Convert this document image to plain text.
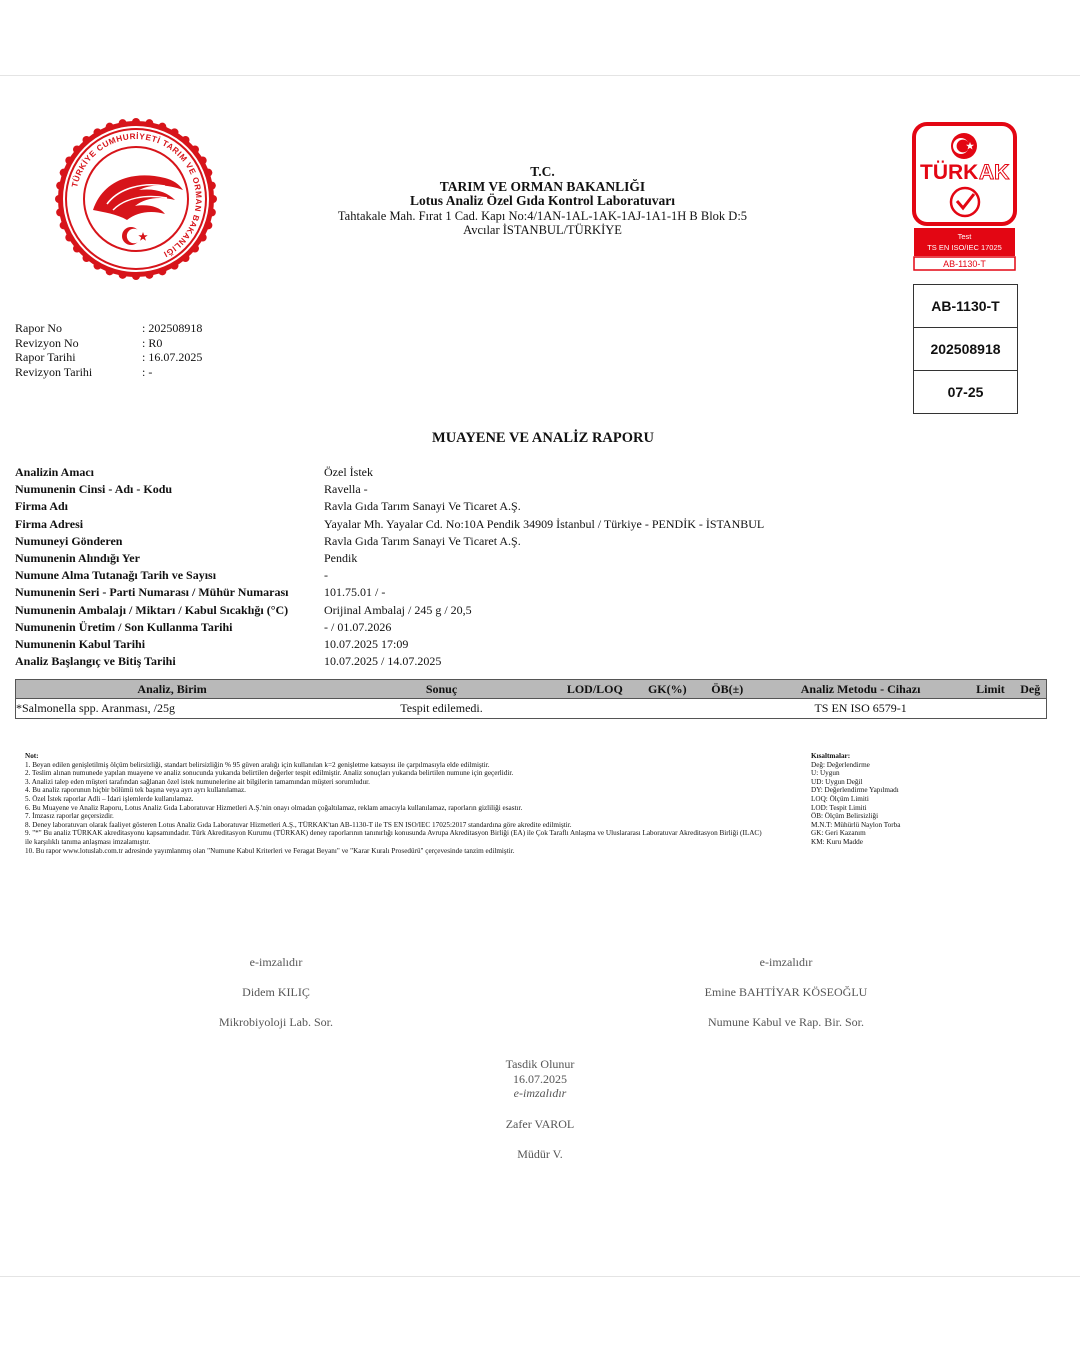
TÜRKİYE CUMHURİYETİ TARIM VE ORMAN BAKANLIĞI
T.C.
TARIM VE ORMAN BAKANLIĞI
Lotus Analiz Özel Gıda Kontrol Laboratuvarı
Tahtakale Mah. Fırat 1 Cad. Kapı No:4/1AN-1AL-1AK-1AJ-1A1-1H B Blok D:5
Avcılar İSTANBUL/TÜRKİYE
TÜRK AK
Test
TS EN ISO/IEC 17025
AB-1130-T
AB-1130-T
202508918
07-25
Rapor No	: 202508918
Revizyon No	: R0
Rapor Tarihi	: 16.07.2025
Revizyon Tarihi	: -
MUAYENE VE ANALİZ RAPORU
Analizin Amacı	Özel İstek
Numunenin Cinsi - Adı - Kodu	Ravella -
Firma Adı	Ravla Gıda Tarım Sanayi Ve Ticaret A.Ş.
Firma Adresi	Yayalar Mh. Yayalar Cd. No:10A Pendik 34909 İstanbul / Türkiye - PENDİK - İSTANBUL
Numuneyi Gönderen	Ravla Gıda Tarım Sanayi Ve Ticaret A.Ş.
Numunenin Alındığı Yer	Pendik
Numune Alma Tutanağı Tarih ve Sayısı	-
Numunenin Seri - Parti Numarası / Mühür Numarası	101.75.01 / -
Numunenin Ambalajı / Miktarı / Kabul Sıcaklığı (°C)	Orijinal Ambalaj / 245 g / 20,5
Numunenin Üretim / Son Kullanma Tarihi	- / 01.07.2026
Numunenin Kabul Tarihi	10.07.2025 17:09
Analiz Başlangıç ve Bitiş Tarihi	10.07.2025 / 14.07.2025
Analiz, Birim	Sonuç	LOD/LOQ	GK(%)	ÖB(±)	Analiz Metodu - Cihazı	Limit	Değ
*Salmonella spp. Aranması, /25g	Tespit edilemedi.				TS EN ISO 6579-1		
Not:
1. Beyan edilen genişletilmiş ölçüm belirsizliği, standart belirsizliğin % 95 güven aralığı için kullanılan k=2 genişletme katsayısı ile çarpılmasıyla elde edilmiştir.
2. Teslim alınan numunede yapılan muayene ve analiz sonucunda yukarıda belirtilen değerler tespit edilmiştir. Analiz sonuçları yukarıda belirtilen numune için geçerlidir.
3. Analizi talep eden müşteri tarafından sağlanan özel istek numunelerine ait bilgilerin tamamından müşteri sorumludur.
4. Bu analiz raporunun hiçbir bölümü tek başına veya ayrı ayrı kullanılamaz.
5. Özel İstek raporlar Adli – İdari işlemlerde kullanılamaz.
6. Bu Muayene ve Analiz Raporu, Lotus Analiz Gıda Laboratuvar Hizmetleri A.Ş.'nin onayı olmadan çoğaltılamaz, reklam amacıyla kullanılamaz, raporların gizliliği esastır.
7. İmzasız raporlar geçersizdir.
8. Deney laboratuvarı olarak faaliyet gösteren Lotus Analiz Gıda Laboratuvar Hizmetleri A.Ş., TÜRKAK'tan AB-1130-T ile TS EN ISO/IEC 17025:2017 standardına göre akredite edilmiştir.
9. "*" Bu analiz TÜRKAK akreditasyonu kapsamındadır. Türk Akreditasyon Kurumu (TÜRKAK) deney raporlarının tanınırlığı konusunda Avrupa Akreditasyon Birliği (EA) ile Çok Taraflı Anlaşma ve Uluslararası Laboratuvar Akreditasyon Birliği (ILAC) ile karşılıklı tanıma anlaşması imzalamıştır.
10. Bu rapor www.lotuslab.com.tr adresinde yayımlanmış olan "Numune Kabul Kriterleri ve Feragat Beyanı" ve "Karar Kuralı Prosedürü" çerçevesinde tanzim edilmiştir.
Kısaltmalar:
Değ: Değerlendirme
U: Uygun
UD: Uygun Değil
DY: Değerlendirme Yapılmadı
LOQ: Ölçüm Limiti
LOD: Tespit Limiti
ÖB: Ölçüm Belirsizliği
M.N.T: Mühürlü Naylon Torba
GK: Geri Kazanım
KM: Kuru Madde
e-imzalıdır
Didem KILIÇ
Mikrobiyoloji Lab. Sor.
e-imzalıdır
Emine BAHTİYAR KÖSEOĞLU
Numune Kabul ve Rap. Bir. Sor.
Tasdik Olunur
16.07.2025
e-imzalıdır
Zafer VAROL
Müdür V.
